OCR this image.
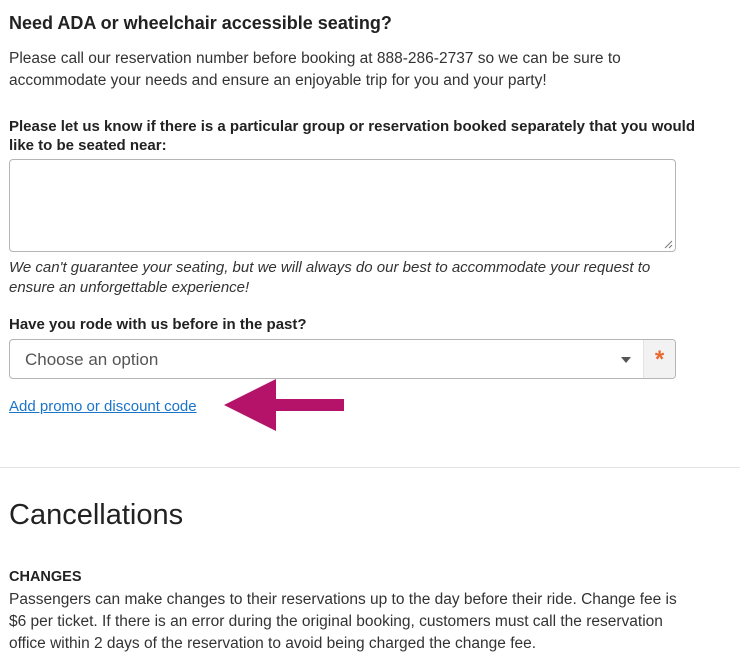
Need ADA or wheelchair accessible seating?
Please call our reservation number before booking at 888-286-2737 so we can be sure to accommodate your needs and ensure an enjoyable trip for you and your party!
Please let us know if there is a particular group or reservation booked separately that you would like to be seated near:
We can't guarantee your seating, but we will always do our best to accommodate your request to ensure an unforgettable experience!
Have you rode with us before in the past?
Choose an option	*
Add promo or discount code
Cancellations
CHANGES
Passengers can make changes to their reservations up to the day before their ride. Change fee is $6 per ticket. If there is an error during the original booking, customers must call the reservation office within 2 days of the reservation to avoid being charged the change fee.
